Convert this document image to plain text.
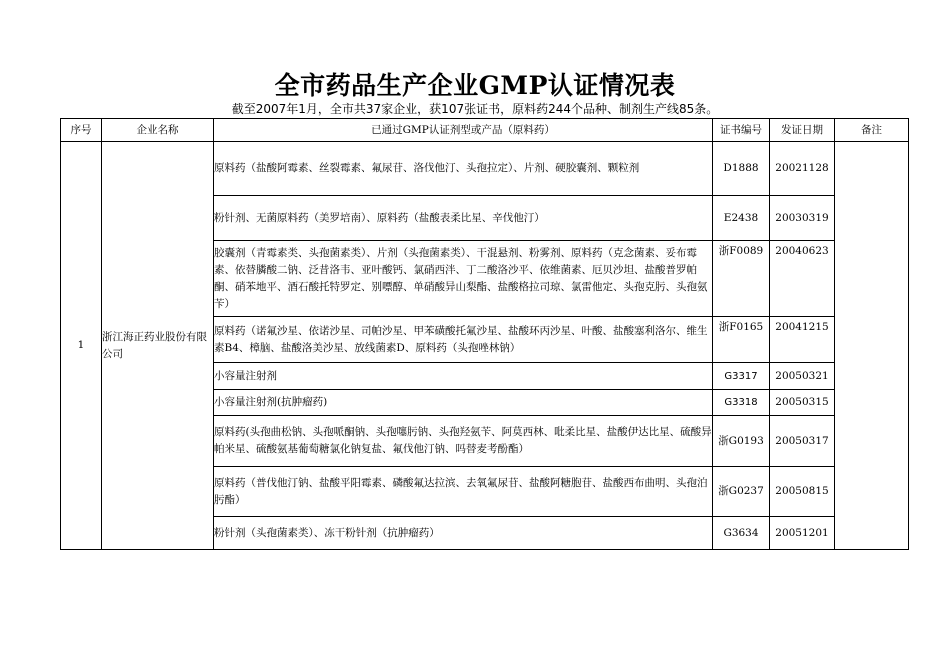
全市药品生产企业GMP认证情况表
截至2007年1月，全市共37家企业，获107张证书，原料药244个品种、制剂生产线85条。
序号	企业名称	已通过GMP认证剂型或产品（原料药）	证书编号	发证日期	备注
1	浙江海正药业股份有限公司	原料药（盐酸阿霉素、丝裂霉素、氟尿苷、洛伐他汀、头孢拉定）、片剂、硬胶囊剂、颗粒剂	D1888	20021128	
		粉针剂、无菌原料药（美罗培南）、原料药（盐酸表柔比星、辛伐他汀）	E2438	20030319	
		胶囊剂（青霉素类、头孢菌素类）、片剂（头孢菌素类）、干混悬剂、粉雾剂、原料药（克念菌素、妥布霉素、依替膦酸二钠、泛昔洛韦、亚叶酸钙、氯硝西泮、丁二酸洛沙平、依维菌素、厄贝沙坦、盐酸普罗帕酮、硝苯地平、酒石酸托特罗定、别嘌醇、单硝酸异山梨酯、盐酸格拉司琼、氯雷他定、头孢克肟、头孢氨苄）	浙F0089	20040623	
		原料药（诺氟沙星、依诺沙星、司帕沙星、甲苯磺酸托氟沙星、盐酸环丙沙星、叶酸、盐酸塞利洛尔、维生素B4、樟脑、盐酸洛美沙星、放线菌素D、原料药（头孢唑林钠）	浙F0165	20041215	
		小容量注射剂	G3317	20050321	
		小容量注射剂(抗肿瘤药)	G3318	20050315	
		原料药(头孢曲松钠、头孢哌酮钠、头孢噻肟钠、头孢羟氨苄、阿莫西林、吡柔比星、盐酸伊达比星、硫酸异帕米星、硫酸氨基葡萄糖氯化钠复盐、氟伐他汀钠、吗替麦考酚酯）	浙G0193	20050317	
		原料药（普伐他汀钠、盐酸平阳霉素、磷酸氟达拉滨、去氧氟尿苷、盐酸阿糖胞苷、盐酸西布曲明、头孢泊肟酯）	浙G0237	20050815	
		粉针剂（头孢菌素类）、冻干粉针剂（抗肿瘤药）	G3634	20051201	
